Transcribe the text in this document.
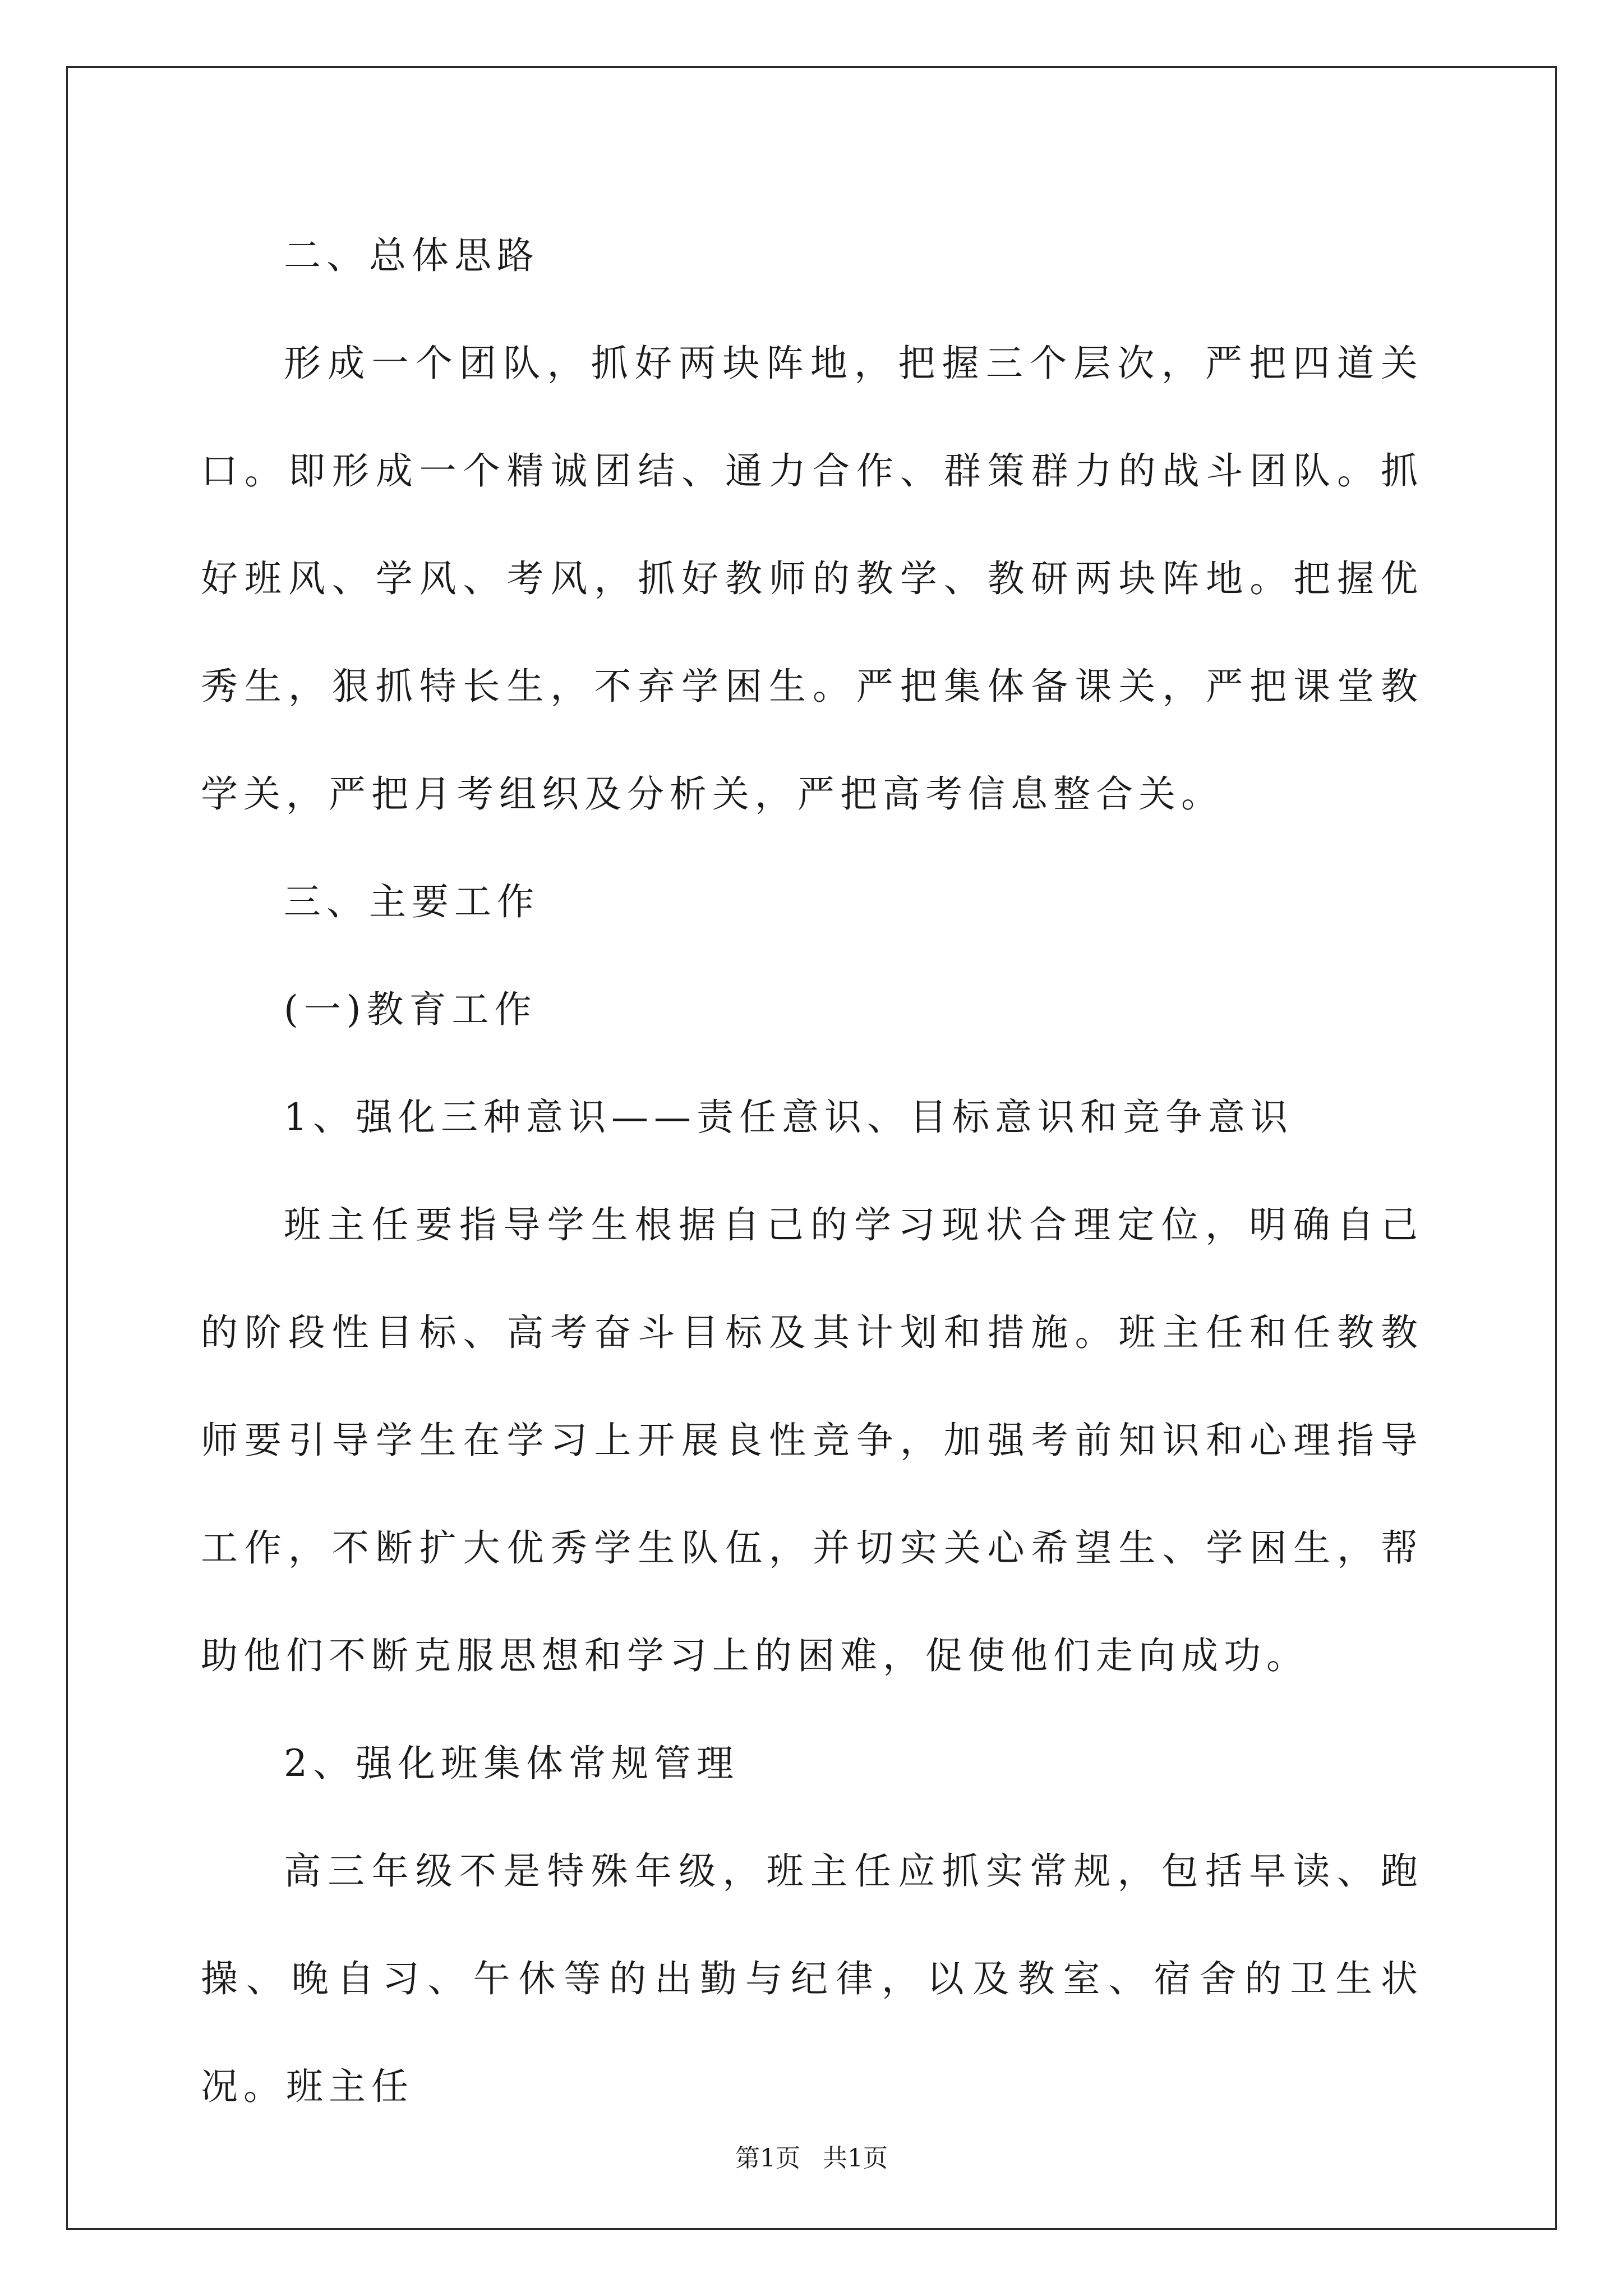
二、总体思路

形成一个团队，抓好两块阵地，把握三个层次，严把四道关口。即形成一个精诚团结、通力合作、群策群力的战斗团队。抓好班风、学风、考风，抓好教师的教学、教研两块阵地。把握优秀生，狠抓特长生，不弃学困生。严把集体备课关，严把课堂教学关，严把月考组织及分析关，严把高考信息整合关。

三、主要工作

(一)教育工作

1、强化三种意识——责任意识、目标意识和竞争意识

班主任要指导学生根据自己的学习现状合理定位，明确自己的阶段性目标、高考奋斗目标及其计划和措施。班主任和任教教师要引导学生在学习上开展良性竞争，加强考前知识和心理指导工作，不断扩大优秀学生队伍，并切实关心希望生、学困生，帮助他们不断克服思想和学习上的困难，促使他们走向成功。

2、强化班集体常规管理

高三年级不是特殊年级，班主任应抓实常规，包括早读、跑操、晚自习、午休等的出勤与纪律，以及教室、宿舍的卫生状况。班主任

第1页 共1页
